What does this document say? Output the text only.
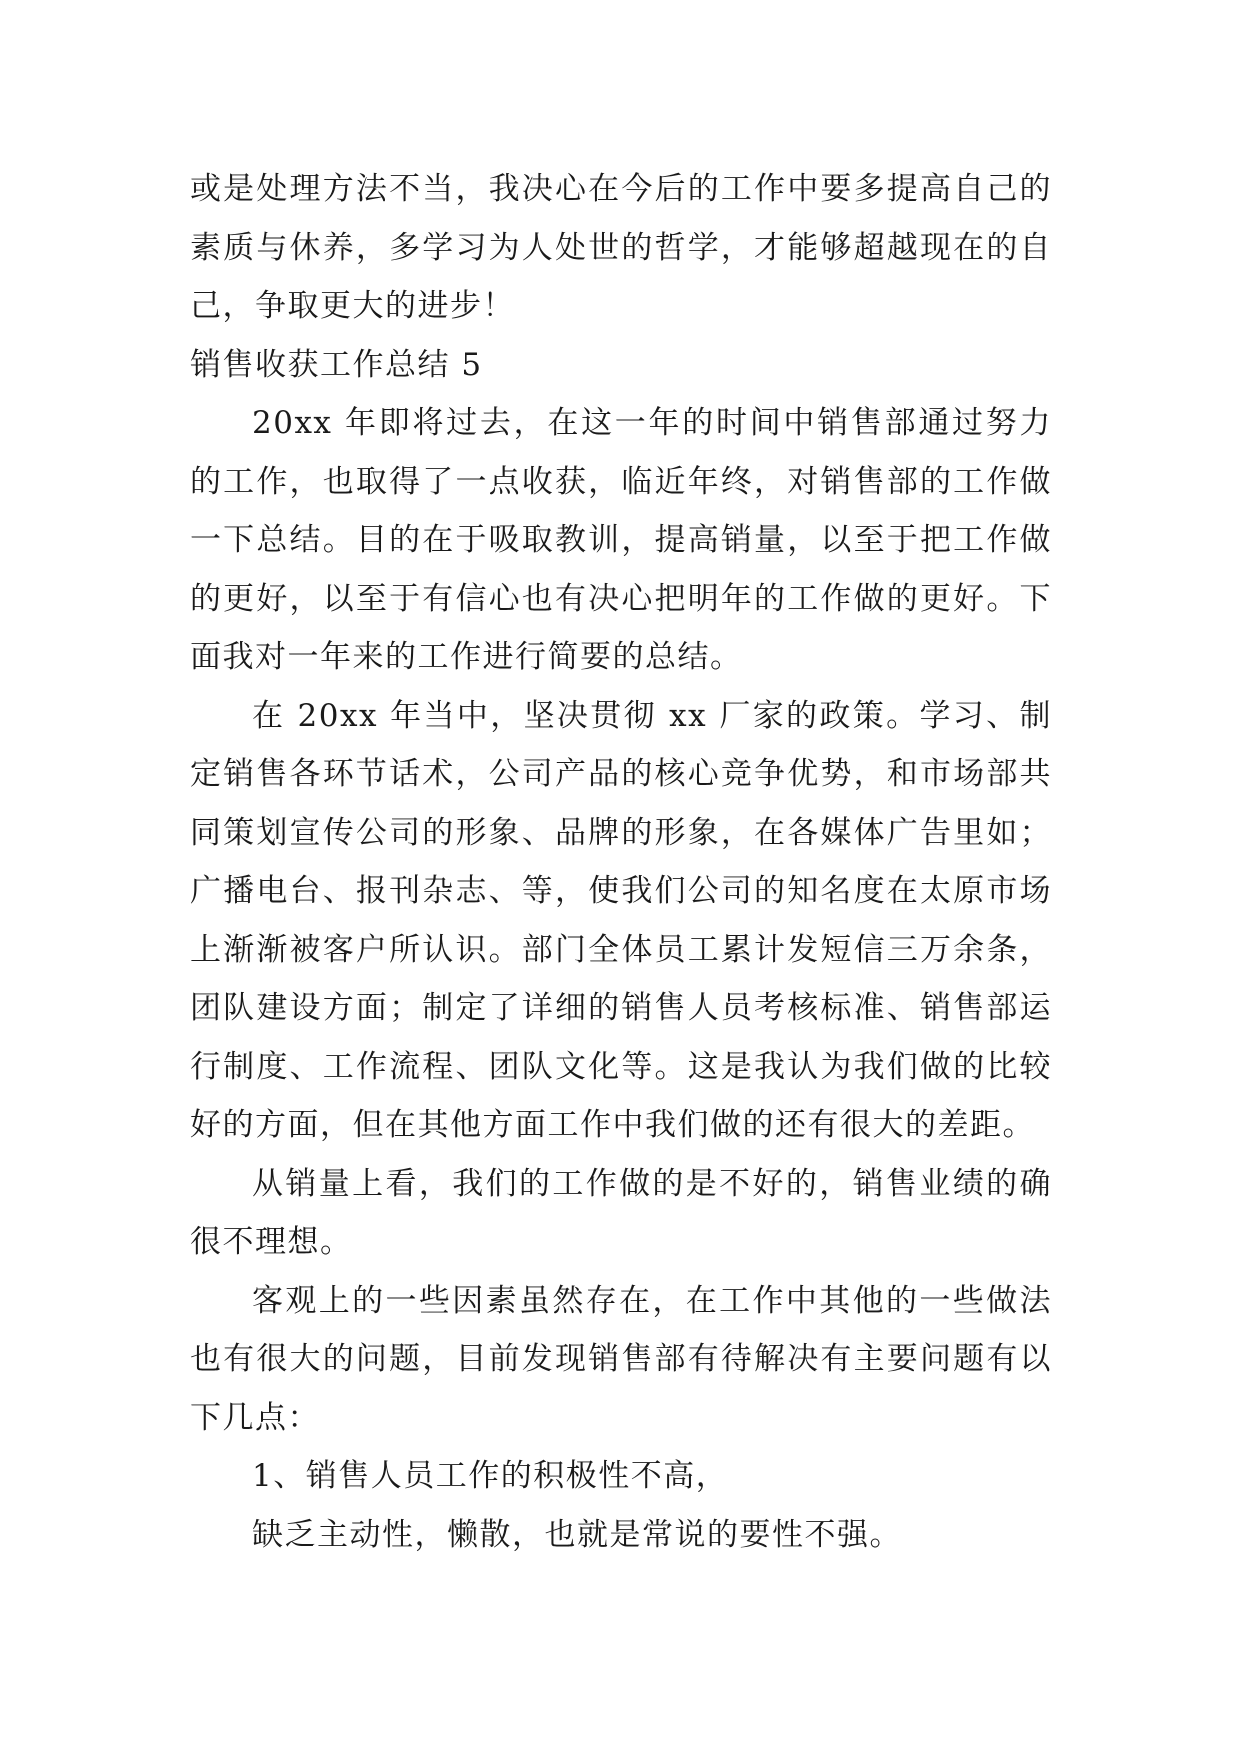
或是处理方法不当，我决心在今后的工作中要多提高自己的素质与休养，多学习为人处世的哲学，才能够超越现在的自己，争取更大的进步！

销售收获工作总结 5

20xx 年即将过去，在这一年的时间中销售部通过努力的工作，也取得了一点收获，临近年终，对销售部的工作做一下总结。目的在于吸取教训，提高销量，以至于把工作做的更好，以至于有信心也有决心把明年的工作做的更好。下面我对一年来的工作进行简要的总结。

在 20xx 年当中，坚决贯彻 xx 厂家的政策。学习、制定销售各环节话术，公司产品的核心竞争优势，和市场部共同策划宣传公司的形象、品牌的形象，在各媒体广告里如；广播电台、报刊杂志、等，使我们公司的知名度在太原市场上渐渐被客户所认识。部门全体员工累计发短信三万余条，团队建设方面；制定了详细的销售人员考核标准、销售部运行制度、工作流程、团队文化等。这是我认为我们做的比较好的方面，但在其他方面工作中我们做的还有很大的差距。

从销量上看，我们的工作做的是不好的，销售业绩的确很不理想。

客观上的一些因素虽然存在，在工作中其他的一些做法也有很大的问题，目前发现销售部有待解决有主要问题有以下几点：

1、销售人员工作的积极性不高，

缺乏主动性，懒散，也就是常说的要性不强。
